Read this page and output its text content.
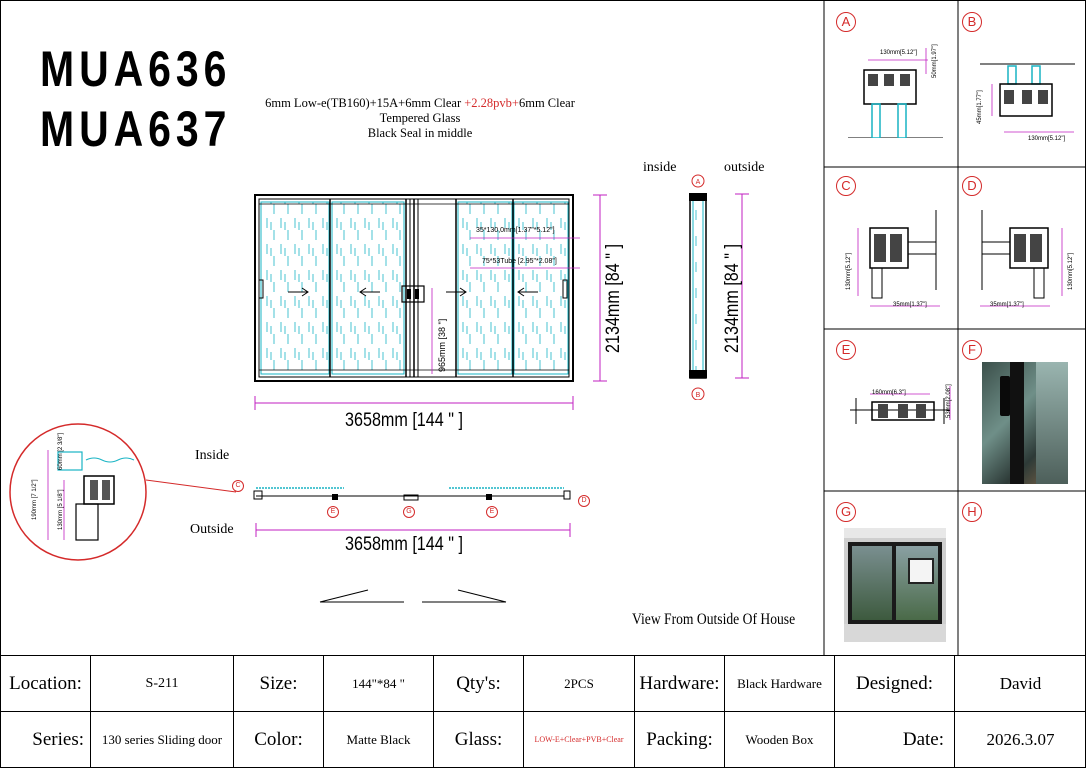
MUA636
MUA637	6mm Low-e(TB160)+15A+6mm Clear +2.28pvb+6mm Clear
Tempered Glass
Black Seal in middle
35*130,0mm[1.37"*5.12"]
75*53Tube [2.95"*2.08"]
3658mm [144 " ]
2134mm [84 " ]
965mm [38 "]
inside	outside
A
B
2134mm [84 " ]
Inside
Outside
C
E	G	E
D
3658mm [144 " ]
190mm [7 1/2"]	130mm [5 1/8"]
60mm [2 3/8"]
View From Outside Of House
A
130mm[5.12"] 50mm[1.97"]
B
45mm[1.77"]
130mm[5.12"]
C
130mm[5.12"]
35mm[1.37"]
D
130mm[5.12"]
35mm[1.37"]
E
160mm[6.3"]	53mm[2.08"]
F
G	H
Location:	S-211	Size:	144"*84 "	Qty's:	2PCS	Hardware:	Black Hardware	Designed:	David
Series:	130 series Sliding door	Color:	Matte Black	Glass:	LOW-E+Clear+PVB+Clear	Packing:	Wooden Box	Date:	2026.3.07
